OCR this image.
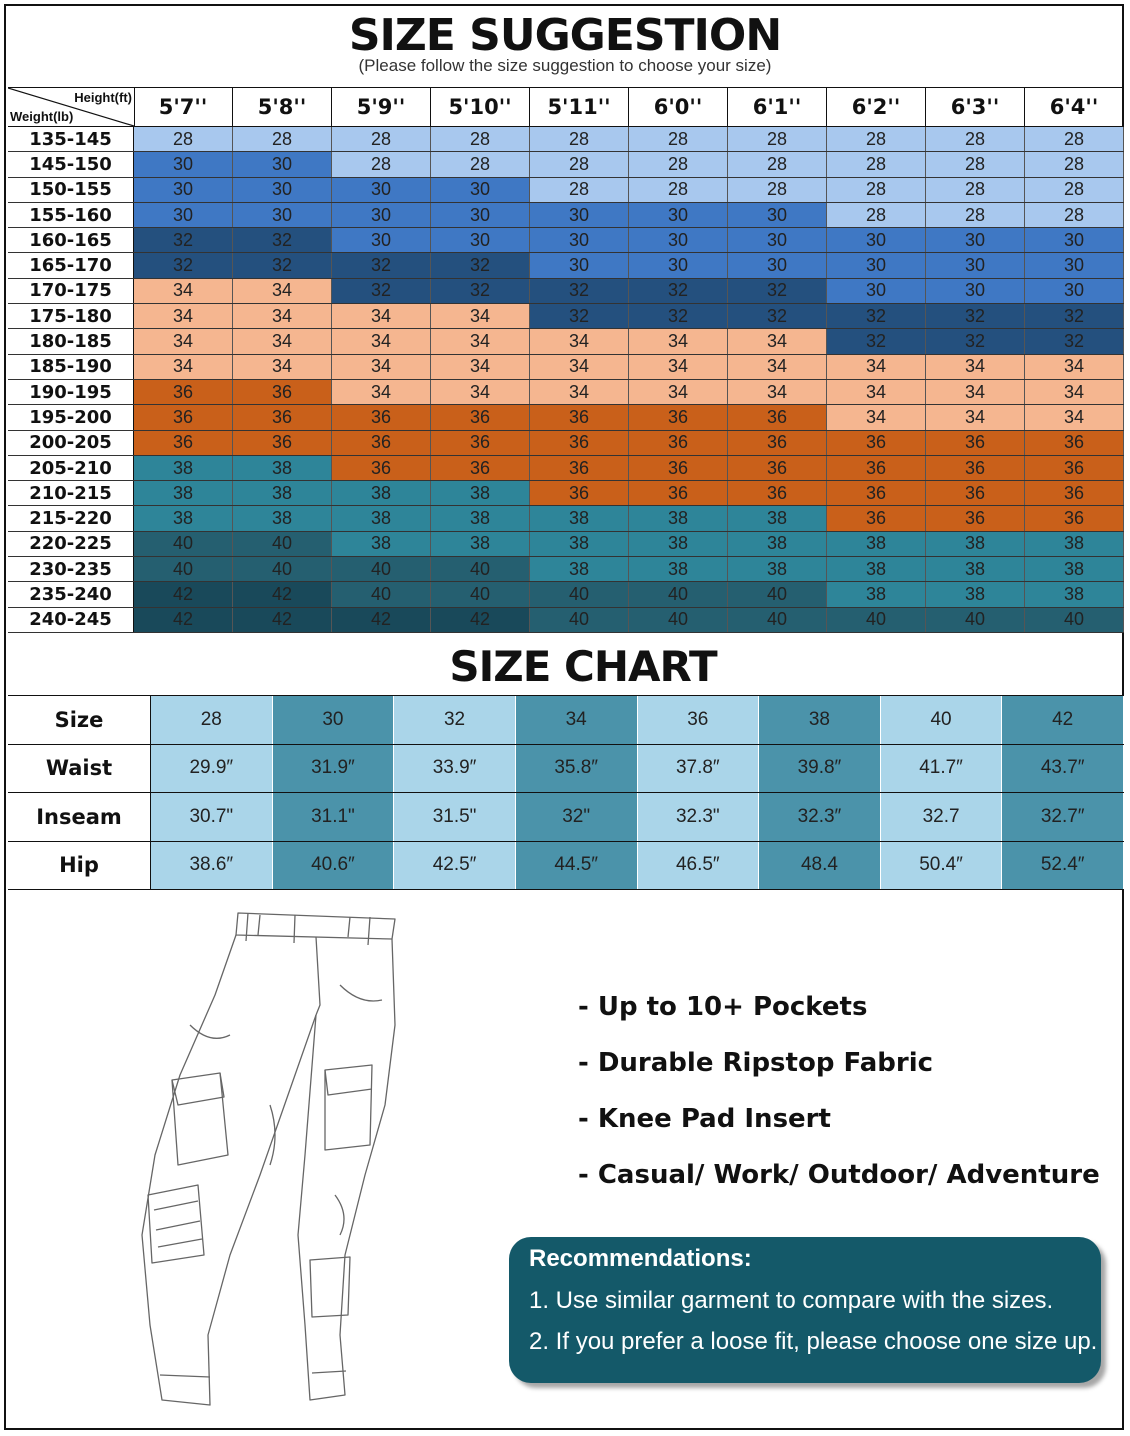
SIZE SUGGESTION
(Please follow the size suggestion to choose your size)
Height(ft)
Weight(lb)	5'7''	5'8''	5'9''	5'10''	5'11''	6'0''	6'1''	6'2''	6'3''	6'4''
135-145	28	28	28	28	28	28	28	28	28	28
145-150	30	30	28	28	28	28	28	28	28	28
150-155	30	30	30	30	28	28	28	28	28	28
155-160	30	30	30	30	30	30	30	28	28	28
160-165	32	32	30	30	30	30	30	30	30	30
165-170	32	32	32	32	30	30	30	30	30	30
170-175	34	34	32	32	32	32	32	30	30	30
175-180	34	34	34	34	32	32	32	32	32	32
180-185	34	34	34	34	34	34	34	32	32	32
185-190	34	34	34	34	34	34	34	34	34	34
190-195	36	36	34	34	34	34	34	34	34	34
195-200	36	36	36	36	36	36	36	34	34	34
200-205	36	36	36	36	36	36	36	36	36	36
205-210	38	38	36	36	36	36	36	36	36	36
210-215	38	38	38	38	36	36	36	36	36	36
215-220	38	38	38	38	38	38	38	36	36	36
220-225	40	40	38	38	38	38	38	38	38	38
230-235	40	40	40	40	38	38	38	38	38	38
235-240	42	42	40	40	40	40	40	38	38	38
240-245	42	42	42	42	40	40	40	40	40	40
SIZE CHART
Size	28	30	32	34	36	38	40	42
Waist	29.9″	31.9″	33.9″	35.8″	37.8″	39.8″	41.7″	43.7″
Inseam	30.7"	31.1"	31.5"	32"	32.3"	32.3″	32.7	32.7″
Hip	38.6″	40.6″	42.5″	44.5″	46.5″	48.4	50.4″	52.4″
- Up to 10+ Pockets
- Durable Ripstop Fabric
- Knee Pad Insert
- Casual/ Work/ Outdoor/ Adventure
Recommendations:
1. Use similar garment to compare with the sizes.
2. If you prefer a loose fit, please choose one size up.
